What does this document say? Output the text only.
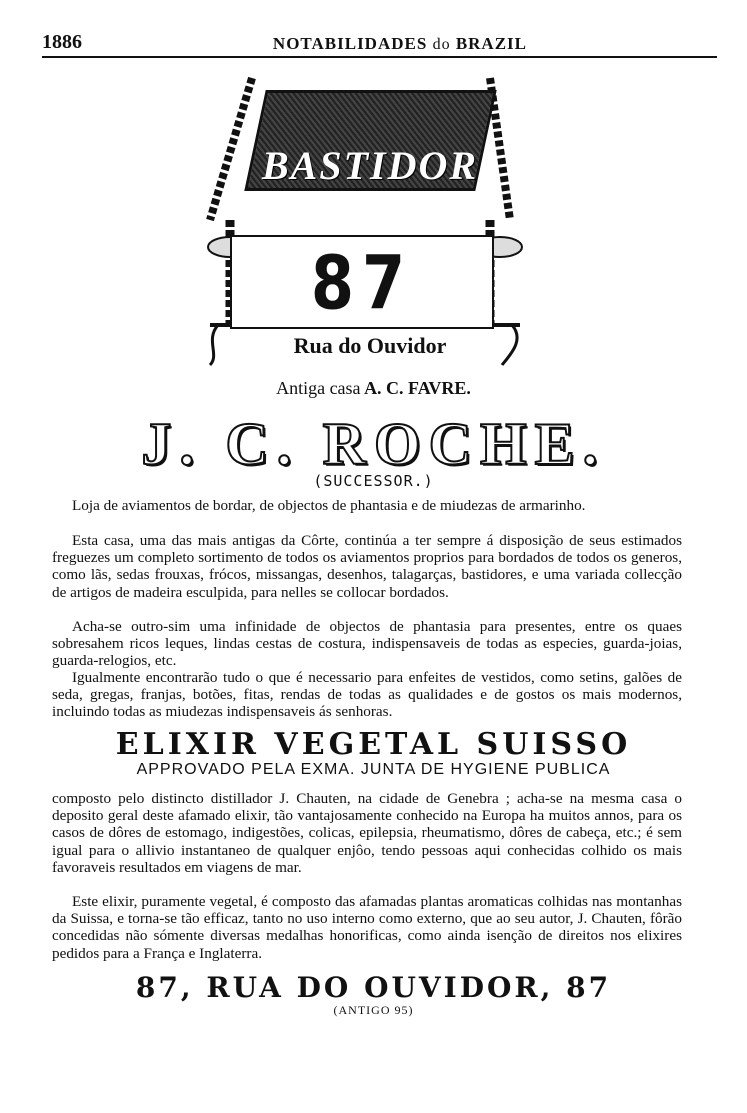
1886	NOTABILIDADES do BRAZIL
BASTIDOR
87
Rua do Ouvidor
Antiga casa A. C. FAVRE.
J. C. ROCHE.
(SUCCESSOR.)
Loja de aviamentos de bordar, de objectos de phantasia e de miudezas de armarinho.
Esta casa, uma das mais antigas da Côrte, continúa a ter sempre á disposição de seus estimados freguezes um completo sortimento de todos os aviamentos proprios para bordados de todos os generos, como lãs, sedas frouxas, frócos, missangas, desenhos, talagarças, bastidores, e uma variada collecção de artigos de madeira esculpida, para nelles se collocar bordados.
Acha-se outro-sim uma infinidade de objectos de phantasia para presentes, entre os quaes sobresahem ricos leques, lindas cestas de costura, indispensaveis de todas as especies, guarda-joias, guarda-relogios, etc.
Igualmente encontrarão tudo o que é necessario para enfeites de vestidos, como setins, galões de seda, gregas, franjas, botões, fitas, rendas de todas as qualidades e de gostos os mais modernos, incluindo todas as miudezas indispensaveis ás senhoras.
ELIXIR VEGETAL SUISSO
APPROVADO PELA EXMA. JUNTA DE HYGIENE PUBLICA
composto pelo distincto distillador J. Chauten, na cidade de Genebra ; acha-se na mesma casa o deposito geral deste afamado elixir, tão vantajosamente conhecido na Europa ha muitos annos, para os casos de dôres de estomago, indigestões, colicas, epilepsia, rheumatismo, dôres de cabeça, etc.; é sem igual para o allivio instantaneo de qualquer enjôo, tendo pessoas aqui conhecidas colhido os mais favoraveis resultados em viagens de mar.
Este elixir, puramente vegetal, é composto das afamadas plantas aromaticas colhidas nas montanhas da Suissa, e torna-se tão efficaz, tanto no uso interno como externo, que ao seu autor, J. Chauten, fôrão concedidas não sómente diversas medalhas honorificas, como ainda isenção de direitos nos elixires pedidos para a França e Inglaterra.
87, RUA DO OUVIDOR, 87
(ANTIGO 95)
